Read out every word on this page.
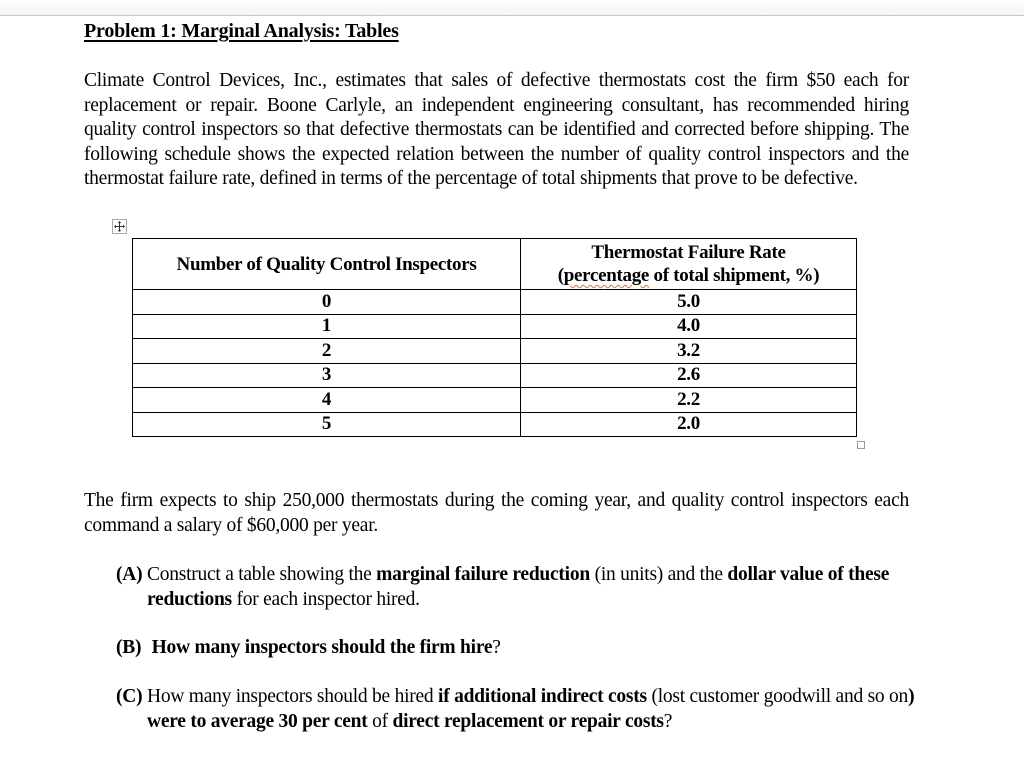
Problem 1: Marginal Analysis: Tables
Climate Control Devices, Inc., estimates that sales of defective thermostats cost the firm $50 each for replacement or repair. Boone Carlyle, an independent engineering consultant, has recommended hiring quality control inspectors so that defective thermostats can be identified and corrected before shipping. The following schedule shows the expected relation between the number of quality control inspectors and the thermostat failure rate, defined in terms of the percentage of total shipments that prove to be defective.
The firm expects to ship 250,000 thermostats during the coming year, and quality control inspectors each command a salary of $60,000 per year.
Number of Quality Control Inspectors	Thermostat Failure Rate
(percentage of total shipment, %)
0	5.0
1	4.0
2	3.2
3	2.6
4	2.2
5	2.0
(A) Construct a table showing the marginal failure reduction (in units) and the dollar value of these reductions for each inspector hired.
(B) How many inspectors should the firm hire?
(C) How many inspectors should be hired if additional indirect costs (lost customer goodwill and so on) were to average 30 per cent of direct replacement or repair costs?
